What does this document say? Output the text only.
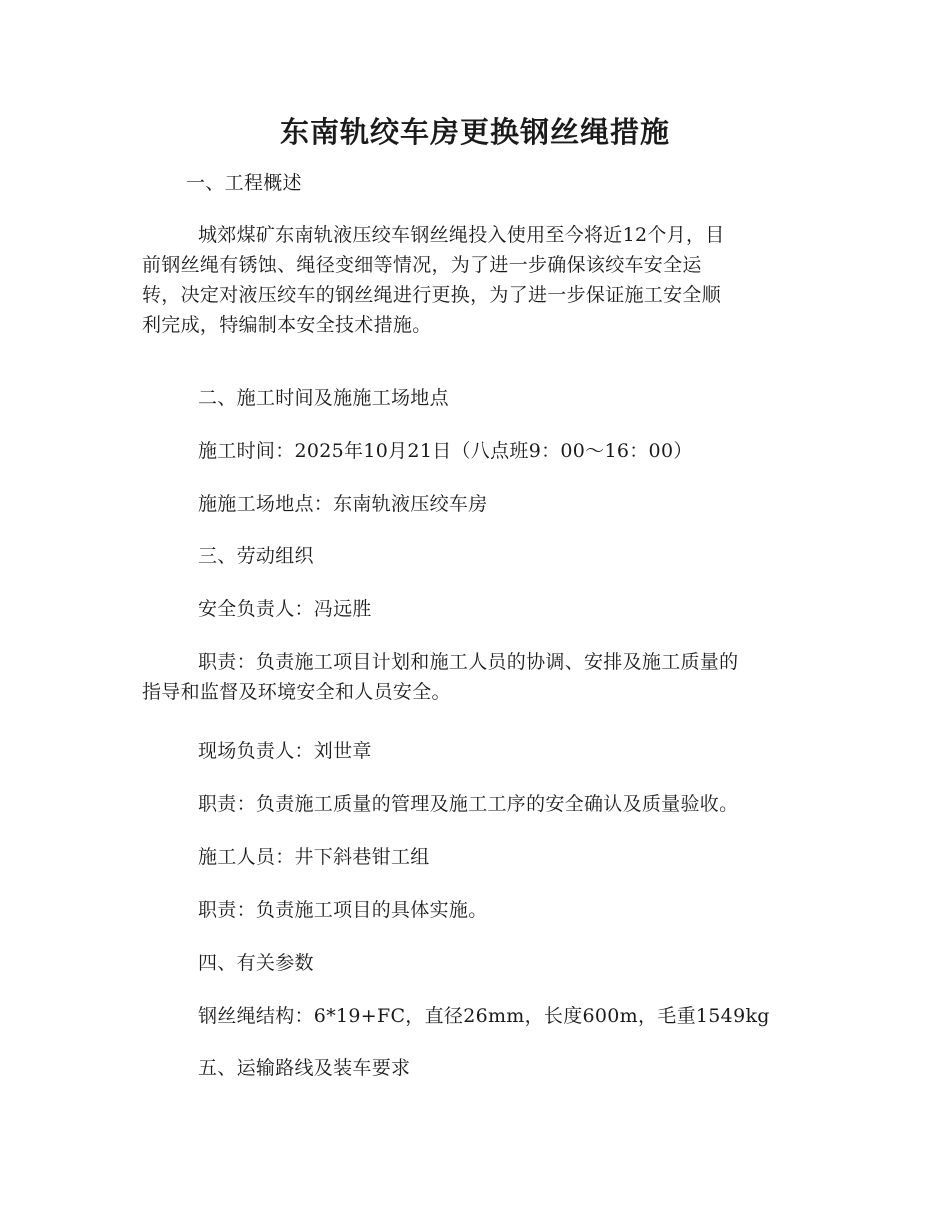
东南轨绞车房更换钢丝绳措施
一、工程概述
城郊煤矿东南轨液压绞车钢丝绳投入使用至今将近12个月，目
前钢丝绳有锈蚀、绳径变细等情况，为了进一步确保该绞车安全运
转，决定对液压绞车的钢丝绳进行更换，为了进一步保证施工安全顺
利完成，特编制本安全技术措施。
二、施工时间及施施工场地点
施工时间：2025年10月21日（八点班9：00～16：00）
施施工场地点：东南轨液压绞车房
三、劳动组织
安全负责人：冯远胜
职责：负责施工项目计划和施工人员的协调、安排及施工质量的
指导和监督及环境安全和人员安全。
现场负责人：刘世章
职责：负责施工质量的管理及施工工序的安全确认及质量验收。
施工人员：井下斜巷钳工组
职责：负责施工项目的具体实施。
四、有关参数
钢丝绳结构：6*19+FC，直径26mm，长度600m，毛重1549kg
五、运输路线及装车要求
